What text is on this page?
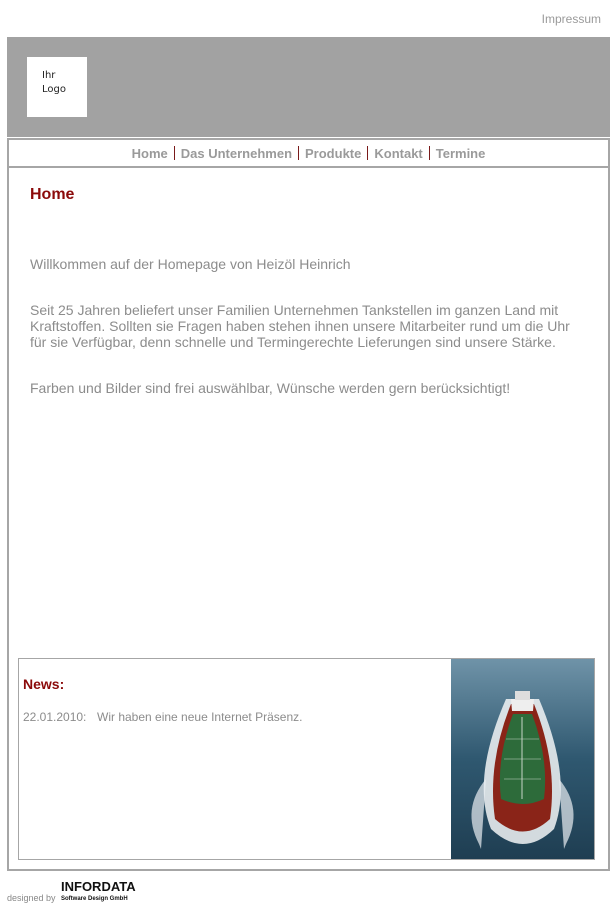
Impressum
Ihr
Logo
Home	Das Unternehmen	Produkte	Kontakt	Termine
Home

Willkommen auf der Homepage von Heizöl Heinrich

Seit 25 Jahren beliefert unser Familien Unternehmen Tankstellen im ganzen Land mit Kraftstoffen. Sollten sie Fragen haben stehen ihnen unsere Mitarbeiter rund um die Uhr für sie Verfügbar, denn schnelle und Termingerechte Lieferungen sind unsere Stärke.

Farben und Bilder sind frei auswählbar, Wünsche werden gern berücksichtigt!

News:
22.01.2010: Wir haben eine neue Internet Präsenz.
designed by
INFORDATA
Software Design GmbH
